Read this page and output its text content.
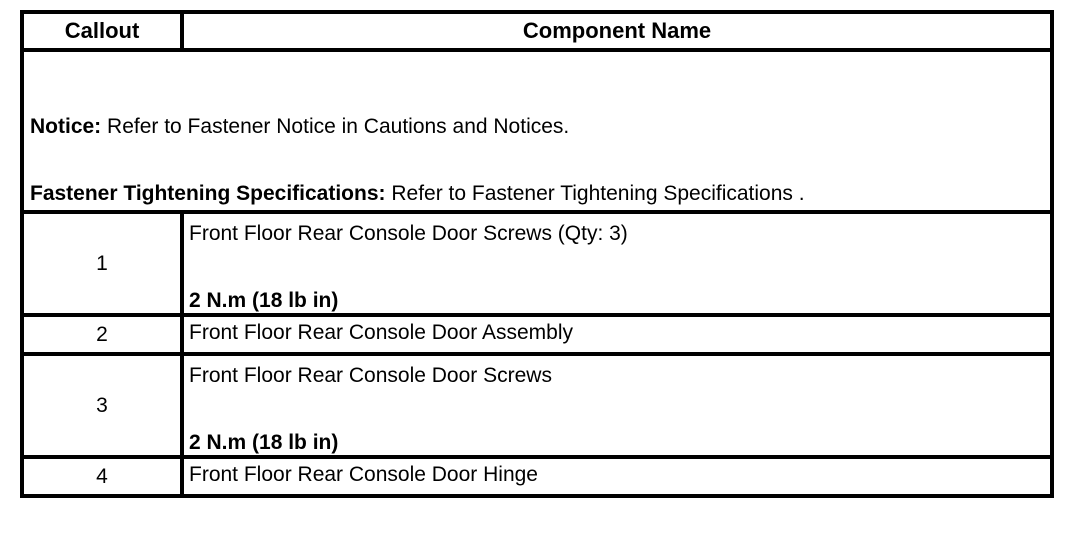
Callout	Component Name

Notice: Refer to Fastener Notice in Cautions and Notices.
Fastener Tightening Specifications: Refer to Fastener Tightening Specifications .	

1	Front Floor Rear Console Door Screws (Qty: 3)
2 N.m (18 lb in)

2	Front Floor Rear Console Door Assembly

3	Front Floor Rear Console Door Screws
2 N.m (18 lb in)

4	Front Floor Rear Console Door Hinge
